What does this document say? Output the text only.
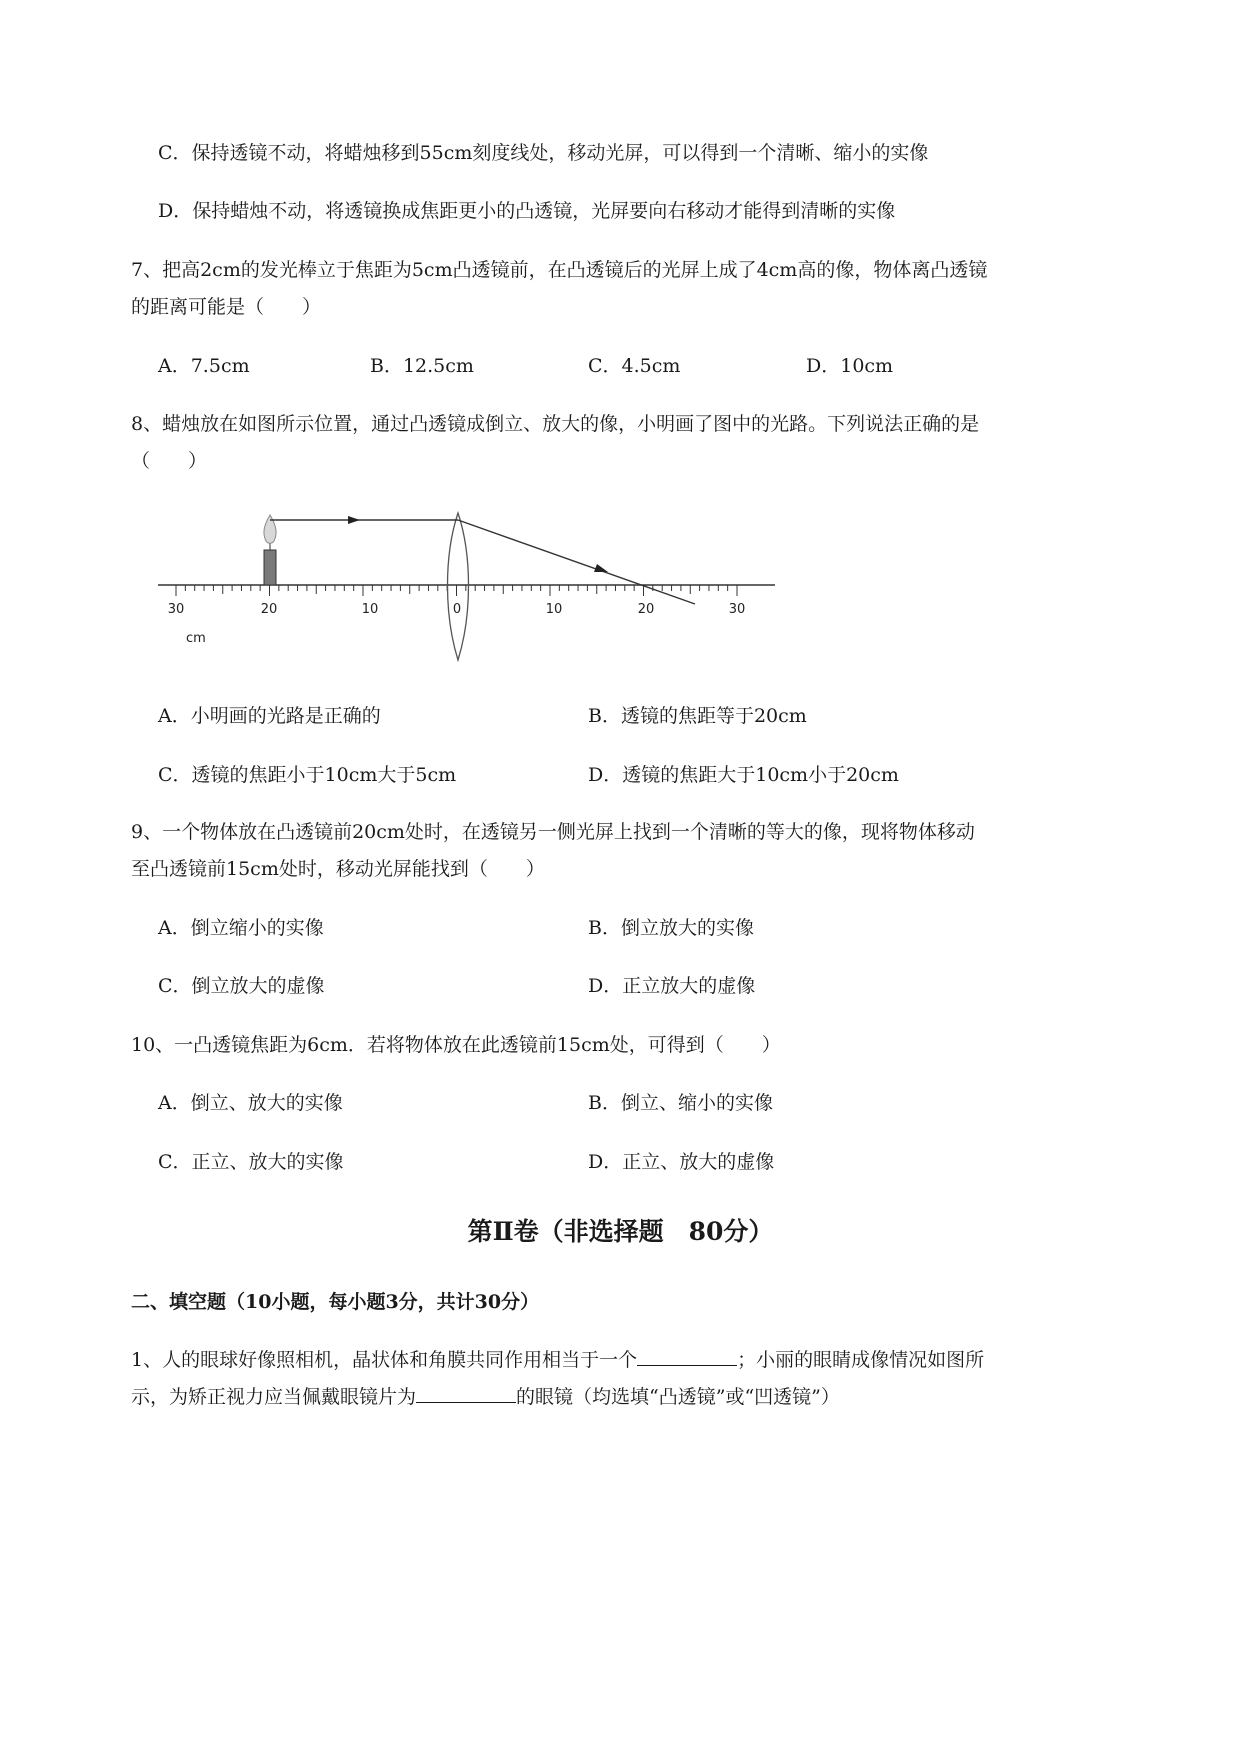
C．保持透镜不动，将蜡烛移到55cm刻度线处，移动光屏，可以得到一个清晰、缩小的实像
D．保持蜡烛不动，将透镜换成焦距更小的凸透镜，光屏要向右移动才能得到清晰的实像
7、把高2cm的发光棒立于焦距为5cm凸透镜前，在凸透镜后的光屏上成了4cm高的像，物体离凸透镜
的距离可能是（　　）
A．7.5cm	B．12.5cm	C．4.5cm	D．10cm
8、蜡烛放在如图所示位置，通过凸透镜成倒立、放大的像，小明画了图中的光路。下列说法正确的是
（　　）
30	20	10	0	10	20	30
cm
A．小明画的光路是正确的	B．透镜的焦距等于20cm
C．透镜的焦距小于10cm大于5cm	D．透镜的焦距大于10cm小于20cm
9、一个物体放在凸透镜前20cm处时，在透镜另一侧光屏上找到一个清晰的等大的像，现将物体移动
至凸透镜前15cm处时，移动光屏能找到（　　）
A．倒立缩小的实像	B．倒立放大的实像
C．倒立放大的虚像	D．正立放大的虚像
10、一凸透镜焦距为6cm．若将物体放在此透镜前15cm处，可得到（　　）
A．倒立、放大的实像	B．倒立、缩小的实像
C．正立、放大的实像	D．正立、放大的虚像
第Ⅱ卷（非选择题　80分）
二、填空题（10小题，每小题3分，共计30分）
1、人的眼球好像照相机，晶状体和角膜共同作用相当于一个	；小丽的眼睛成像情况如图所
示，为矫正视力应当佩戴眼镜片为	的眼镜（均选填“凸透镜”或“凹透镜”）
